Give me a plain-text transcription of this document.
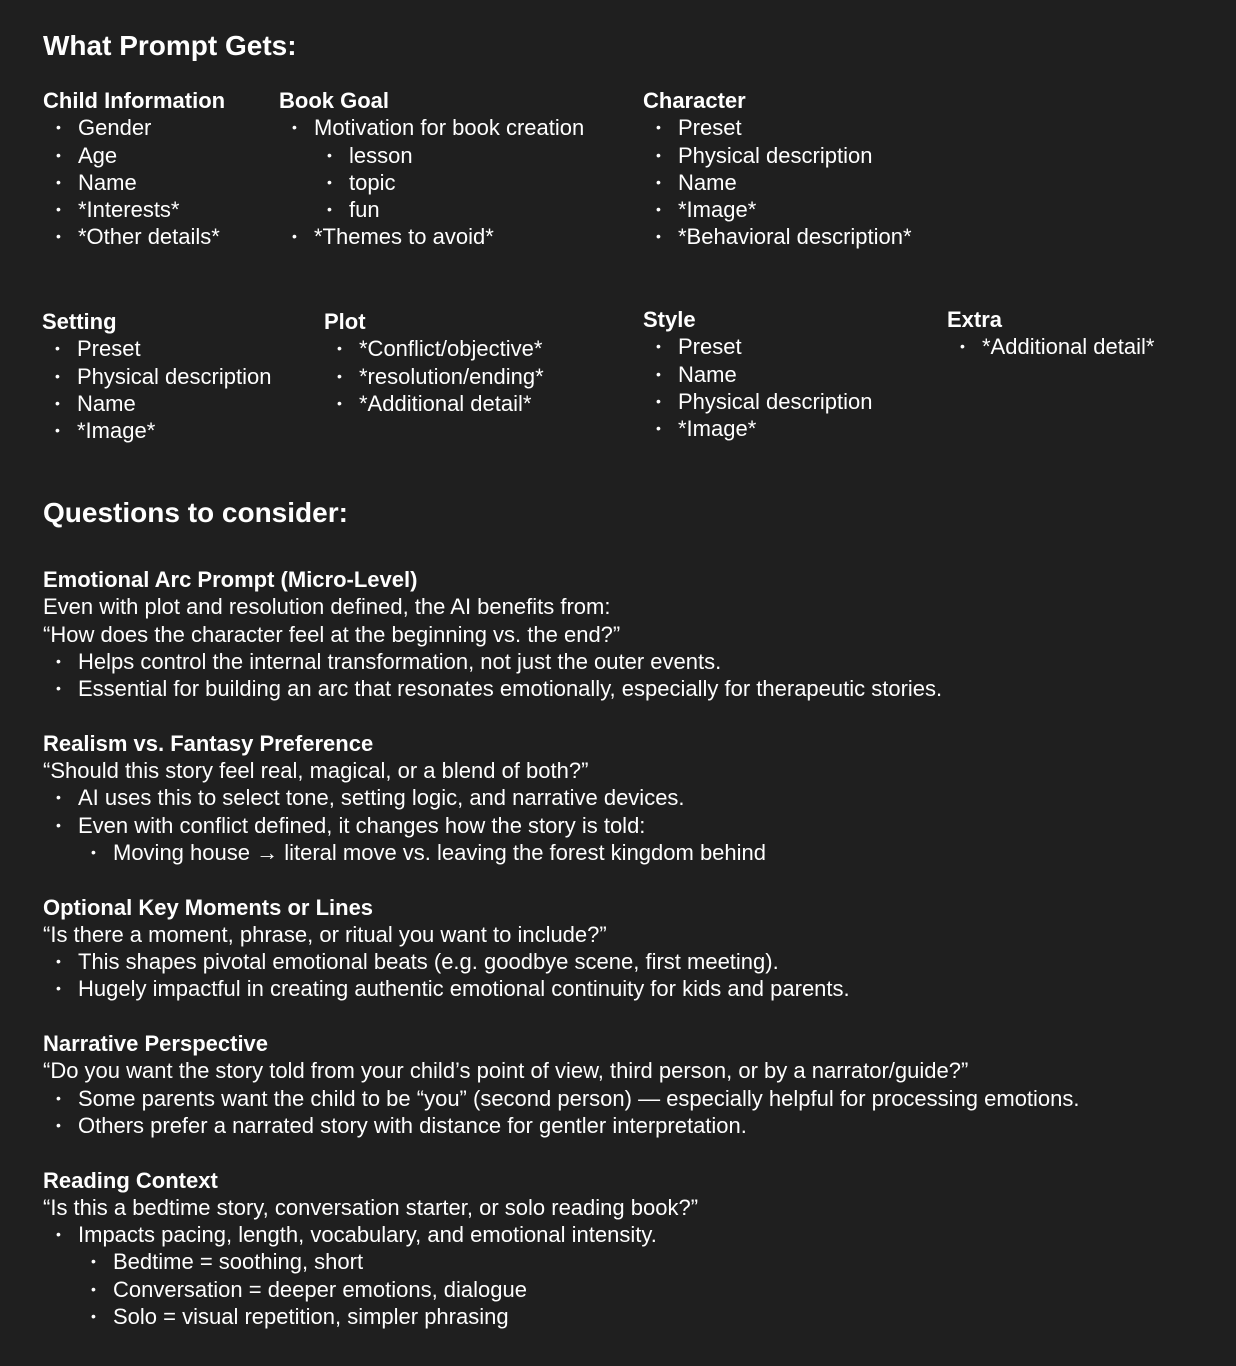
What Prompt Gets:
Child Information
• Gender
• Age
• Name
• *Interests*
• *Other details*
Book Goal
• Motivation for book creation
• lesson
• topic
• fun
• *Themes to avoid*
Character
• Preset
• Physical description
• Name
• *Image*
• *Behavioral description*
Setting
• Preset
• Physical description
• Name
• *Image*
Plot
• *Conflict/objective*
• *resolution/ending*
• *Additional detail*
Style
• Preset
• Name
• Physical description
• *Image*
Extra
• *Additional detail*
Questions to consider:
Emotional Arc Prompt (Micro-Level)
Even with plot and resolution defined, the AI benefits from:
“How does the character feel at the beginning vs. the end?”
• Helps control the internal transformation, not just the outer events.
• Essential for building an arc that resonates emotionally, especially for therapeutic stories.
Realism vs. Fantasy Preference
“Should this story feel real, magical, or a blend of both?”
• AI uses this to select tone, setting logic, and narrative devices.
• Even with conflict defined, it changes how the story is told:
• Moving house → literal move vs. leaving the forest kingdom behind
Optional Key Moments or Lines
“Is there a moment, phrase, or ritual you want to include?”
• This shapes pivotal emotional beats (e.g. goodbye scene, first meeting).
• Hugely impactful in creating authentic emotional continuity for kids and parents.
Narrative Perspective
“Do you want the story told from your child’s point of view, third person, or by a narrator/guide?”
• Some parents want the child to be “you” (second person) — especially helpful for processing emotions.
• Others prefer a narrated story with distance for gentler interpretation.
Reading Context
“Is this a bedtime story, conversation starter, or solo reading book?”
• Impacts pacing, length, vocabulary, and emotional intensity.
• Bedtime = soothing, short
• Conversation = deeper emotions, dialogue
• Solo = visual repetition, simpler phrasing
